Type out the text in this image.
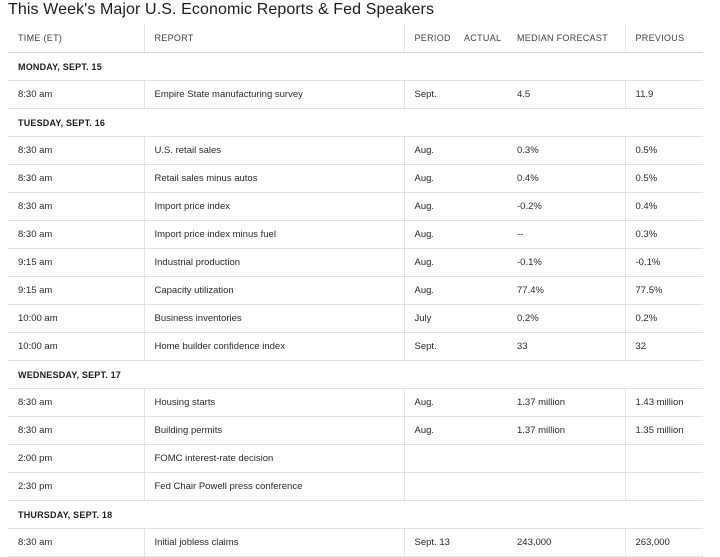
This Week's Major U.S. Economic Reports & Fed Speakers
TIME (ET)	REPORT	PERIOD	ACTUAL	MEDIAN FORECAST	PREVIOUS
MONDAY, SEPT. 15					
8:30 am	Empire State manufacturing survey	Sept.		4.5	11.9
TUESDAY, SEPT. 16					
8:30 am	U.S. retail sales	Aug.		0.3%	0.5%
8:30 am	Retail sales minus autos	Aug.		0.4%	0.5%
8:30 am	Import price index	Aug.		-0.2%	0.4%
8:30 am	Import price index minus fuel	Aug.		--	0.3%
9:15 am	Industrial production	Aug.		-0.1%	-0.1%
9:15 am	Capacity utilization	Aug.		77.4%	77.5%
10:00 am	Business inventories	July		0.2%	0.2%
10:00 am	Home builder confidence index	Sept.		33	32
WEDNESDAY, SEPT. 17					
8:30 am	Housing starts	Aug.		1.37 million	1.43 million
8:30 am	Building permits	Aug.		1.37 million	1.35 million
2:00 pm	FOMC interest-rate decision				
2:30 pm	Fed Chair Powell press conference				
THURSDAY, SEPT. 18					
8:30 am	Initial jobless claims	Sept. 13		243,000	263,000
